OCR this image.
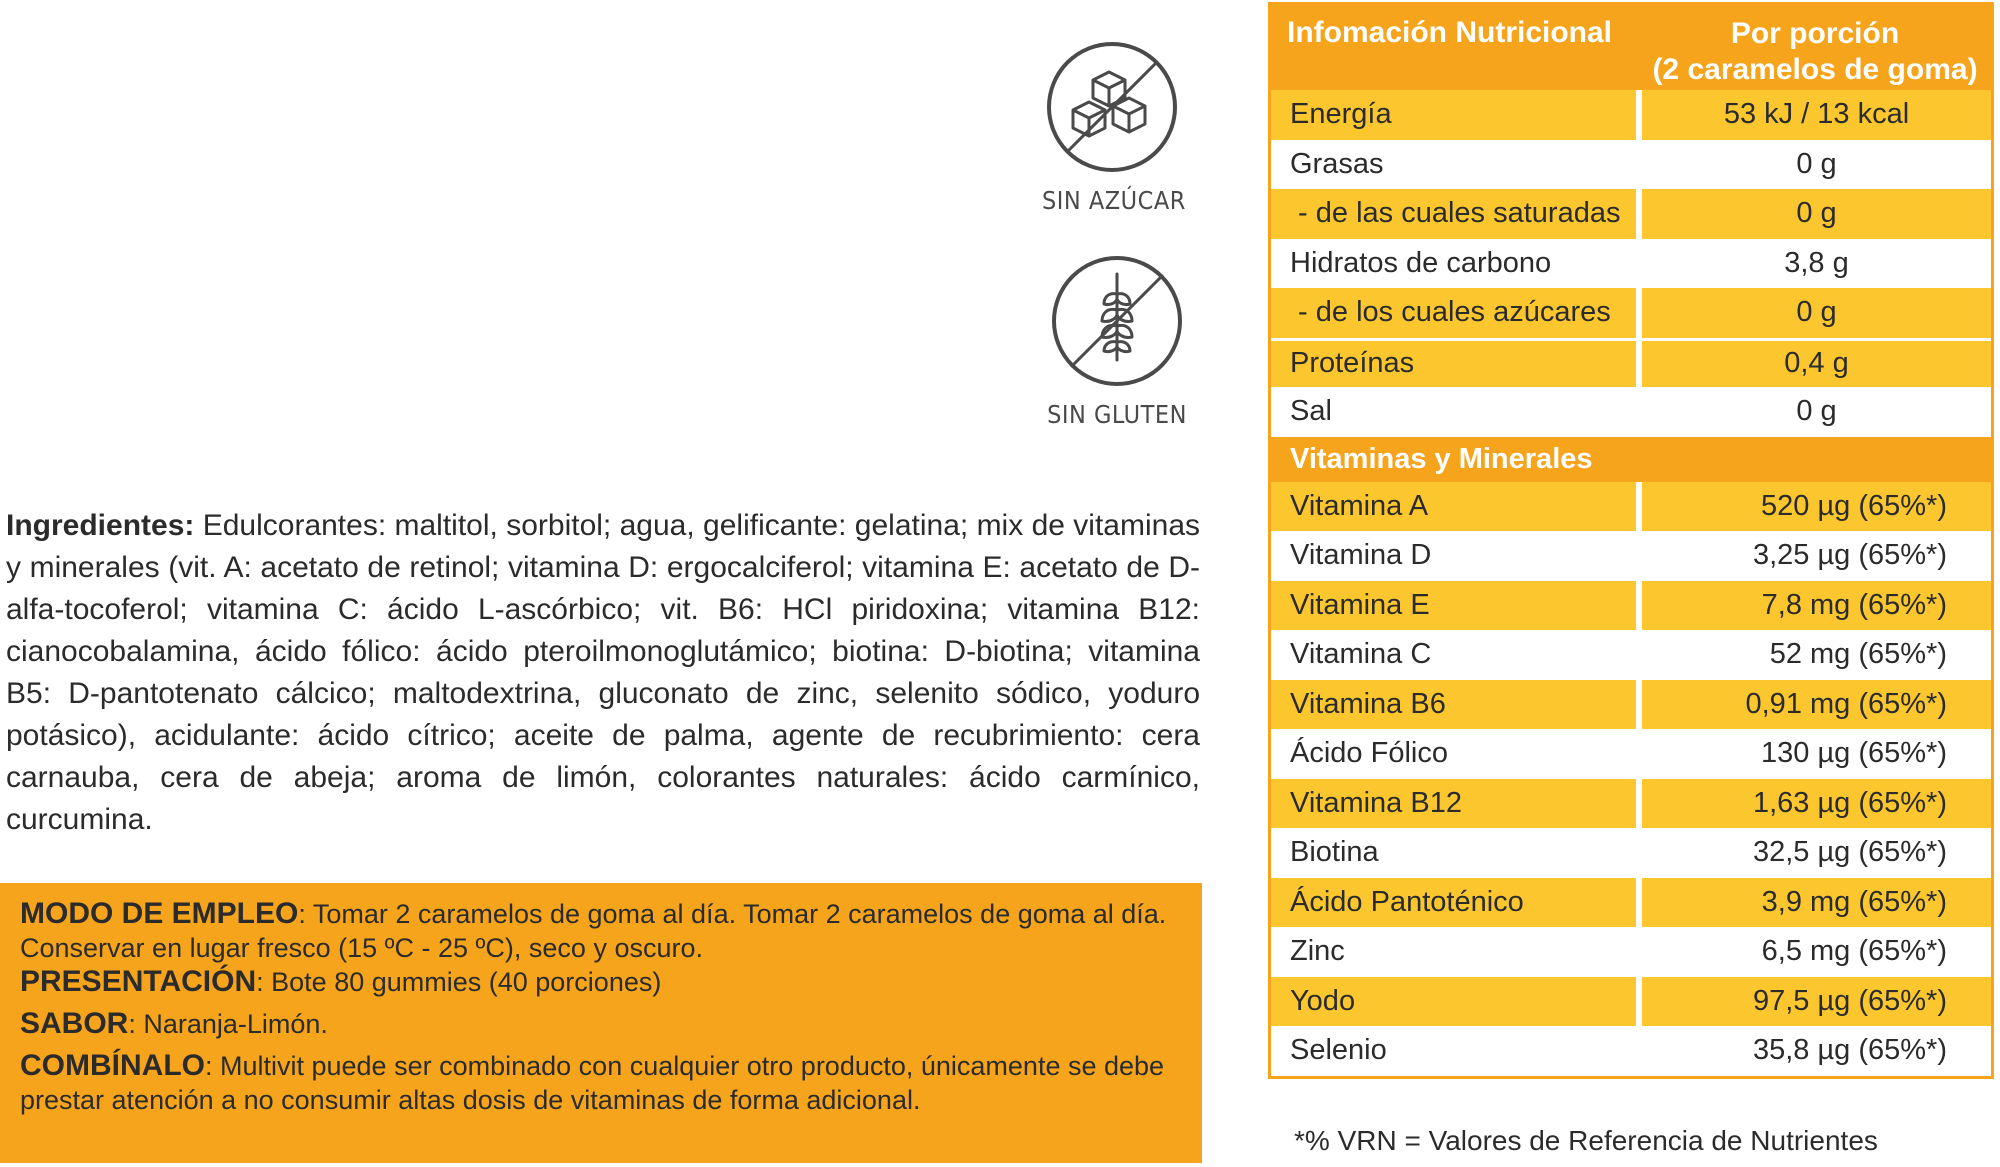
SIN AZÚCAR
SIN GLUTEN
Ingredientes: Edulcorantes: maltitol, sorbitol; agua, gelificante: gelatina; mix de vitaminas y minerales (vit. A: acetato de retinol; vitamina D: ergocalciferol; vitamina E: acetato de D-alfa-tocoferol; vitamina C: ácido L-ascórbico; vit. B6: HCl piridoxina; vitamina B12: cianocobalamina, ácido fólico: ácido pteroilmonoglutámico; biotina: D-biotina; vitamina B5: D-pantotenato cálcico; maltodextrina, gluconato de zinc, selenito sódico, yoduro potásico), acidulante: ácido cítrico; aceite de palma, agente de recubrimiento: cera carnauba, cera de abeja; aroma de limón, colorantes naturales: ácido carmínico, curcumina.

MODO DE EMPLEO: Tomar 2 caramelos de goma al día. Tomar 2 caramelos de goma al día. Conservar en lugar fresco (15 ºC - 25 ºC), seco y oscuro.

PRESENTACIÓN: Bote 80 gummies (40 porciones)

SABOR: Naranja-Limón.

COMBÍNALO: Multivit puede ser combinado con cualquier otro producto, únicamente se debe prestar atención a no consumir altas dosis de vitaminas de forma adicional.

Infomación Nutricional	Por porción
(2 caramelos de goma)
Energía	53 kJ / 13 kcal
Grasas	0 g
- de las cuales saturadas	0 g
Hidratos de carbono	3,8 g
- de los cuales azúcares	0 g
Proteínas	0,4 g
Sal	0 g
Vitaminas y Minerales
Vitamina A	520 µg (65%*)
Vitamina D	3,25 µg (65%*)
Vitamina E	7,8 mg (65%*)
Vitamina C	52 mg (65%*)
Vitamina B6	0,91 mg (65%*)
Ácido Fólico	130 µg (65%*)
Vitamina B12	1,63 µg (65%*)
Biotina	32,5 µg (65%*)
Ácido Pantoténico	3,9 mg (65%*)
Zinc	6,5 mg (65%*)
Yodo	97,5 µg (65%*)
Selenio	35,8 µg (65%*)
*% VRN = Valores de Referencia de Nutrientes
